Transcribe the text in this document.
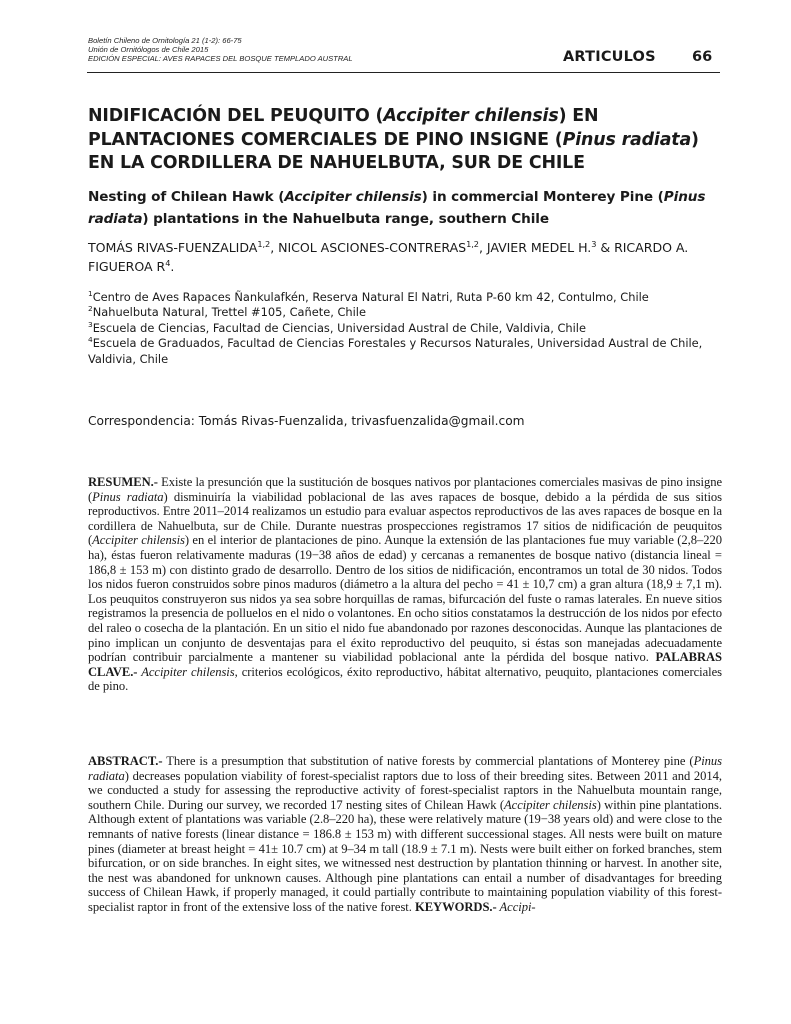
Boletín Chileno de Ornitología 21 (1-2): 66-75
Unión de Ornitólogos de Chile 2015
EDICIÓN ESPECIAL: AVES RAPACES DEL BOSQUE TEMPLADO AUSTRAL	ARTICULOS	66
NIDIFICACIÓN DEL PEUQUITO (Accipiter chilensis) EN PLANTACIONES COMERCIALES DE PINO INSIGNE (Pinus radiata) EN LA CORDILLERA DE NAHUELBUTA, SUR DE CHILE
Nesting of Chilean Hawk (Accipiter chilensis) in commercial Monterey Pine (Pinus radiata) plantations in the Nahuelbuta range, southern Chile
TOMÁS RIVAS-FUENZALIDA$^{1,2}$, NICOL ASCIONES-CONTRERAS$^{1,2}$, JAVIER MEDEL H.$^3$ & RICARDO A. FIGUEROA $R^4$.

$^1$Centro de Aves Rapaces Ñankulafkén, Reserva Natural El Natri, Ruta P-60 km 42, Contulmo, Chile

$^2$Nahuelbuta Natural, Trettel #105, Cañete, Chile

$^3$Escuela de Ciencias, Facultad de Ciencias, Universidad Austral de Chile, Valdivia, Chile

$^4$Escuela de Graduados, Facultad de Ciencias Forestales y Recursos Naturales, Universidad Austral de Chile, Valdivia, Chile

Correspondencia: Tomás Rivas-Fuenzalida, trivasfuenzalida@gmail.com

RESUMEN.- Existe la presunción que la sustitución de bosques nativos por plantaciones comerciales masivas de pino insigne (Pinus radiata) disminuiría la viabilidad poblacional de las aves rapaces de bosque, debido a la pérdida de sus sitios reproductivos. Entre 2011–2014 realizamos un estudio para evaluar aspectos reproductivos de las aves rapaces de bosque en la cordillera de Nahuelbuta, sur de Chile. Durante nuestras prospecciones registramos 17 sitios de nidificación de peuquitos (Accipiter chilensis) en el interior de plantaciones de pino. Aunque la extensión de las plantaciones fue muy variable (2,8–220 ha), éstas fueron relativamente maduras (19−38 años de edad) y cercanas a remanentes de bosque nativo (distancia lineal = 186,8 ± 153 m) con distinto grado de desarrollo. Dentro de los sitios de nidificación, encontramos un total de 30 nidos. Todos los nidos fueron construidos sobre pinos maduros (diámetro a la altura del pecho = 41 ± 10,7 cm) a gran altura (18,9 ± 7,1 m). Los peuquitos construyeron sus nidos ya sea sobre horquillas de ramas, bifurcación del fuste o ramas laterales. En nueve sitios registramos la presencia de polluelos en el nido o volantones. En ocho sitios constatamos la destrucción de los nidos por efecto del raleo o cosecha de la plantación. En un sitio el nido fue abandonado por razones desconocidas. Aunque las plantaciones de pino implican un conjunto de desventajas para el éxito reproductivo del peuquito, si éstas son manejadas adecuadamente podrían contribuir parcialmente a mantener su viabilidad poblacional ante la pérdida del bosque nativo. PALABRAS CLAVE.- Accipiter chilensis, criterios ecológicos, éxito reproductivo, hábitat alternativo, peuquito, plantaciones comerciales de pino.

ABSTRACT.- There is a presumption that substitution of native forests by commercial plantations of Monterey pine (Pinus radiata) decreases population viability of forest-specialist raptors due to loss of their breeding sites. Between 2011 and 2014, we conducted a study for assessing the reproductive activity of forest-specialist raptors in the Nahuelbuta mountain range, southern Chile. During our survey, we recorded 17 nesting sites of Chilean Hawk (Accipiter chilensis) within pine plantations. Although extent of plantations was variable (2.8–220 ha), these were relatively mature (19−38 years old) and were close to the remnants of native forests (linear distance = 186.8 ± 153 m) with different successional stages. All nests were built on mature pines (diameter at breast height = 41± 10.7 cm) at 9–34 m tall (18.9 ± 7.1 m). Nests were built either on forked branches, stem bifurcation, or on side branches. In eight sites, we witnessed nest destruction by plantation thinning or harvest. In another site, the nest was abandoned for unknown causes. Although pine plantations can entail a number of disadvantages for breeding success of Chilean Hawk, if properly managed, it could partially contribute to maintaining population viability of this forest-specialist raptor in front of the extensive loss of the native forest. KEYWORDS.- Accipi-
